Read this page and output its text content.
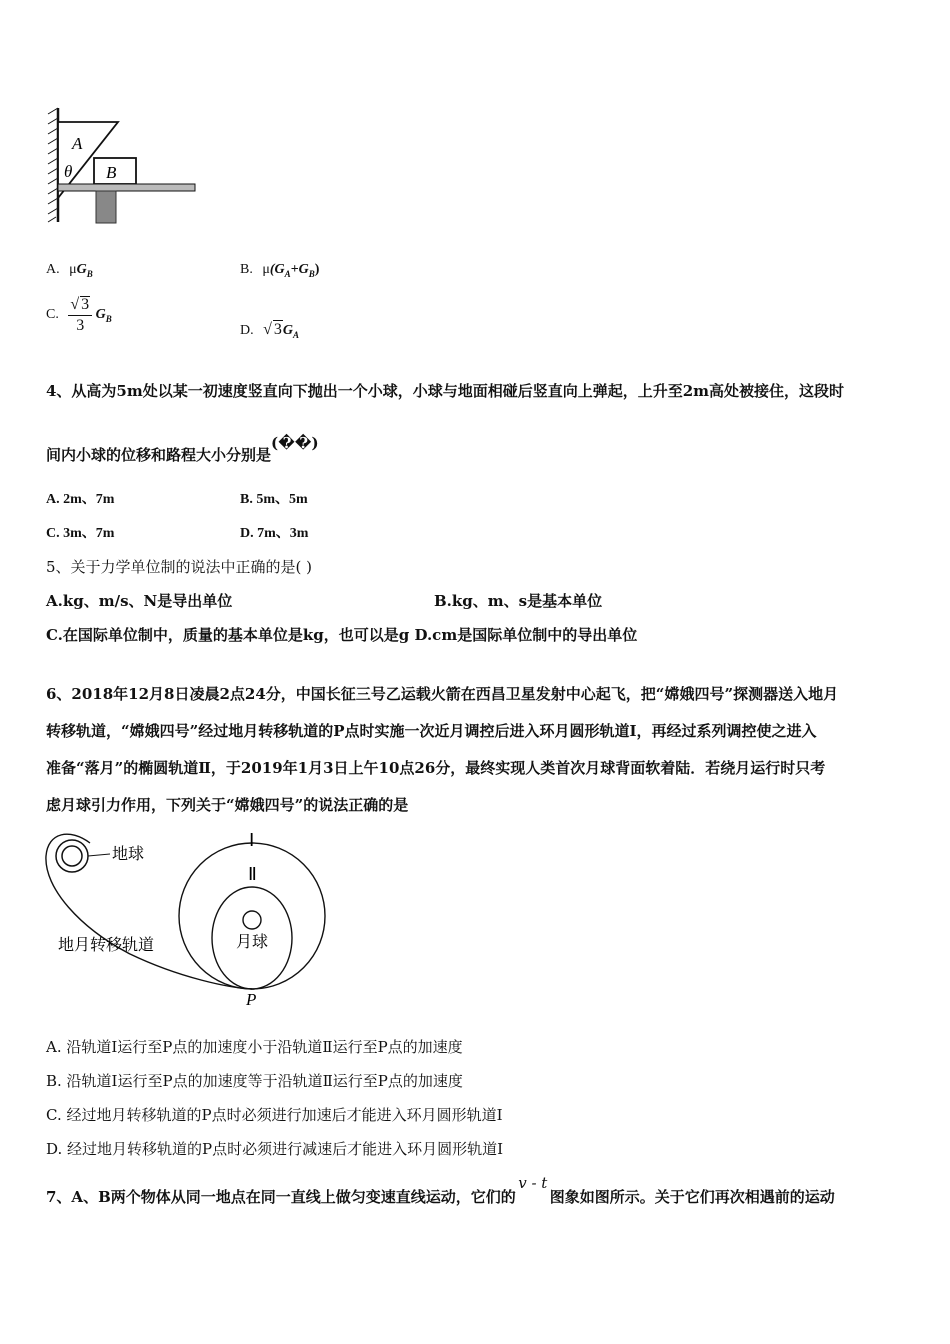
A
θ B
A. $\mu G_B$	B. $\mu(G_A+G_B)$
C. $\frac{√ 3}{3} G_B$
D. √ $3G_A$
4、从高为5m处以某一初速度竖直向下抛出一个小球，小球与地面相碰后竖直向上弹起，上升至2m高处被接住，这段时
间内小球的位移和路程大小分别是(��)
A. 2m、7m	B. 5m、5m
C. 3m、7m	D. 7m、3m
5、关于力学单位制的说法中正确的是( )
A.kg、m/s、N是导出单位	B.kg、m、s是基本单位
C.在国际单位制中，质量的基本单位是kg，也可以是g D.cm是国际单位制中的导出单位
6、2018年12月8日凌晨2点24分，中国长征三号乙运载火箭在西昌卫星发射中心起飞，把“嫦娥四号”探测器送入地月
转移轨道，“嫦娥四号”经过地月转移轨道的P点时实施一次近月调控后进入环月圆形轨道Ⅰ，再经过系列调控使之进入
准备“落月”的椭圆轨道Ⅱ，于2019年1月3日上午10点26分，最终实现人类首次月球背面软着陆．若绕月运行时只考
虑月球引力作用，下列关于“嫦娥四号”的说法正确的是
地球
Ⅰ
Ⅱ
月球
地月转移轨道
P
A. 沿轨道Ⅰ运行至P点的加速度小于沿轨道Ⅱ运行至P点的加速度
B. 沿轨道Ⅰ运行至P点的加速度等于沿轨道Ⅱ运行至P点的加速度
C. 经过地月转移轨道的P点时必须进行加速后才能进入环月圆形轨道Ⅰ
D. 经过地月转移轨道的P点时必须进行减速后才能进入环月圆形轨道Ⅰ
7、A、B两个物体从同一地点在同一直线上做匀变速直线运动，它们的v - t图象如图所示。关于它们再次相遇前的运动
